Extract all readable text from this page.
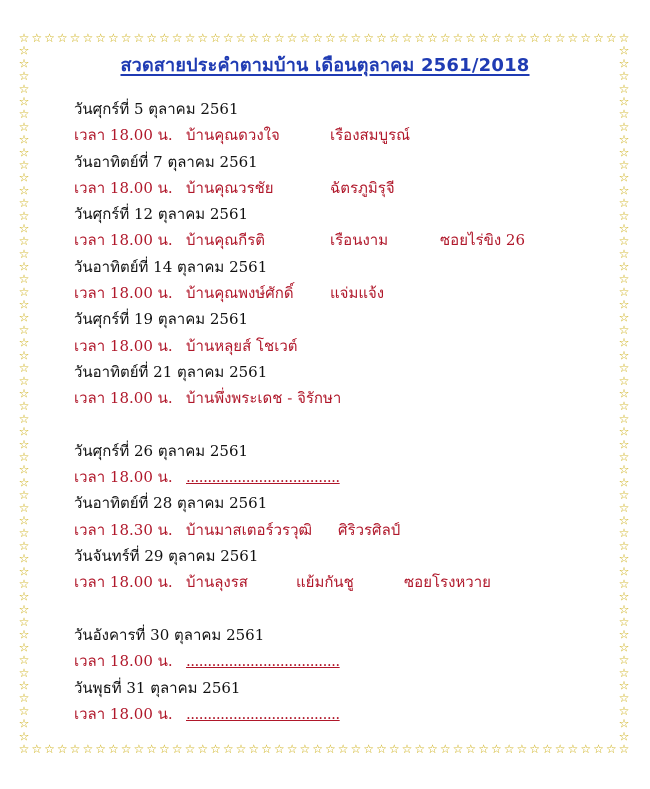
☆
☆
☆
☆
☆
☆
☆
☆
☆
☆
☆
☆
☆
☆
☆
☆
☆
☆
☆
☆
☆
☆
☆
☆
☆
☆
☆
☆
☆
☆
☆
☆
☆
☆
☆
☆
☆
☆
☆
☆
☆
☆
☆
☆
☆
☆
☆
☆
☆
☆
☆
☆
☆
☆
☆
☆
☆
☆
☆
☆
☆
☆
☆
☆
☆
☆
☆
☆
☆
☆
☆
☆
☆
☆
☆
☆
☆
☆
☆
☆
☆
☆
☆
☆
☆
☆
☆
☆
☆
☆
☆
☆
☆
☆
☆
☆
☆	☆
☆	☆
☆	☆
☆	☆
☆	☆
☆	☆
☆	☆
☆	☆
☆	☆
☆	☆
☆	☆
☆	☆
☆	☆
☆	☆
☆	☆
☆	☆
☆	☆
☆	☆
☆	☆
☆	☆
☆	☆
☆	☆
☆	☆
☆	☆
☆	☆
☆	☆
☆	☆
☆	☆
☆	☆
☆	☆
☆	☆
☆	☆
☆	☆
☆	☆
☆	☆
☆	☆
☆	☆
☆	☆
☆	☆
☆	☆
☆	☆
☆	☆
☆	☆
☆	☆
☆	☆
☆	☆
☆	☆
☆	☆
☆	☆
☆	☆
☆	☆
☆	☆
☆	☆
☆	☆
☆	☆
สวดสายประคำตามบ้าน เดือนตุลาคม 2561/2018
วันศุกร์ที่ 5 ตุลาคม 2561
เวลา 18.00 น. บ้านคุณดวงใจ	เรืองสมบูรณ์
วันอาทิตย์ที่ 7 ตุลาคม 2561
เวลา 18.00 น. บ้านคุณวรชัย	ฉัตรภูมิรุจี
วันศุกร์ที่ 12 ตุลาคม 2561
เวลา 18.00 น. บ้านคุณกีรติ	เรือนงาม	ซอยไร่ขิง 26
วันอาทิตย์ที่ 14 ตุลาคม 2561
เวลา 18.00 น. บ้านคุณพงษ์ศักดิ์ แจ่มแจ้ง
วันศุกร์ที่ 19 ตุลาคม 2561
เวลา 18.00 น. บ้านหลุยส์ โชเวต์
วันอาทิตย์ที่ 21 ตุลาคม 2561
เวลา 18.00 น. บ้านพึ่งพระเดช - จิรักษา
วันศุกร์ที่ 26 ตุลาคม 2561
เวลา 18.00 น. ....................................
วันอาทิตย์ที่ 28 ตุลาคม 2561
เวลา 18.30 น. บ้านมาสเตอร์วรวุฒิ ศิริวรศิลป์
วันจันทร์ที่ 29 ตุลาคม 2561
เวลา 18.00 น. บ้านลุงรส	แย้มกันชู	ซอยโรงหวาย
วันอังคารที่ 30 ตุลาคม 2561
เวลา 18.00 น. ....................................
วันพุธที่ 31 ตุลาคม 2561
เวลา 18.00 น. ....................................
